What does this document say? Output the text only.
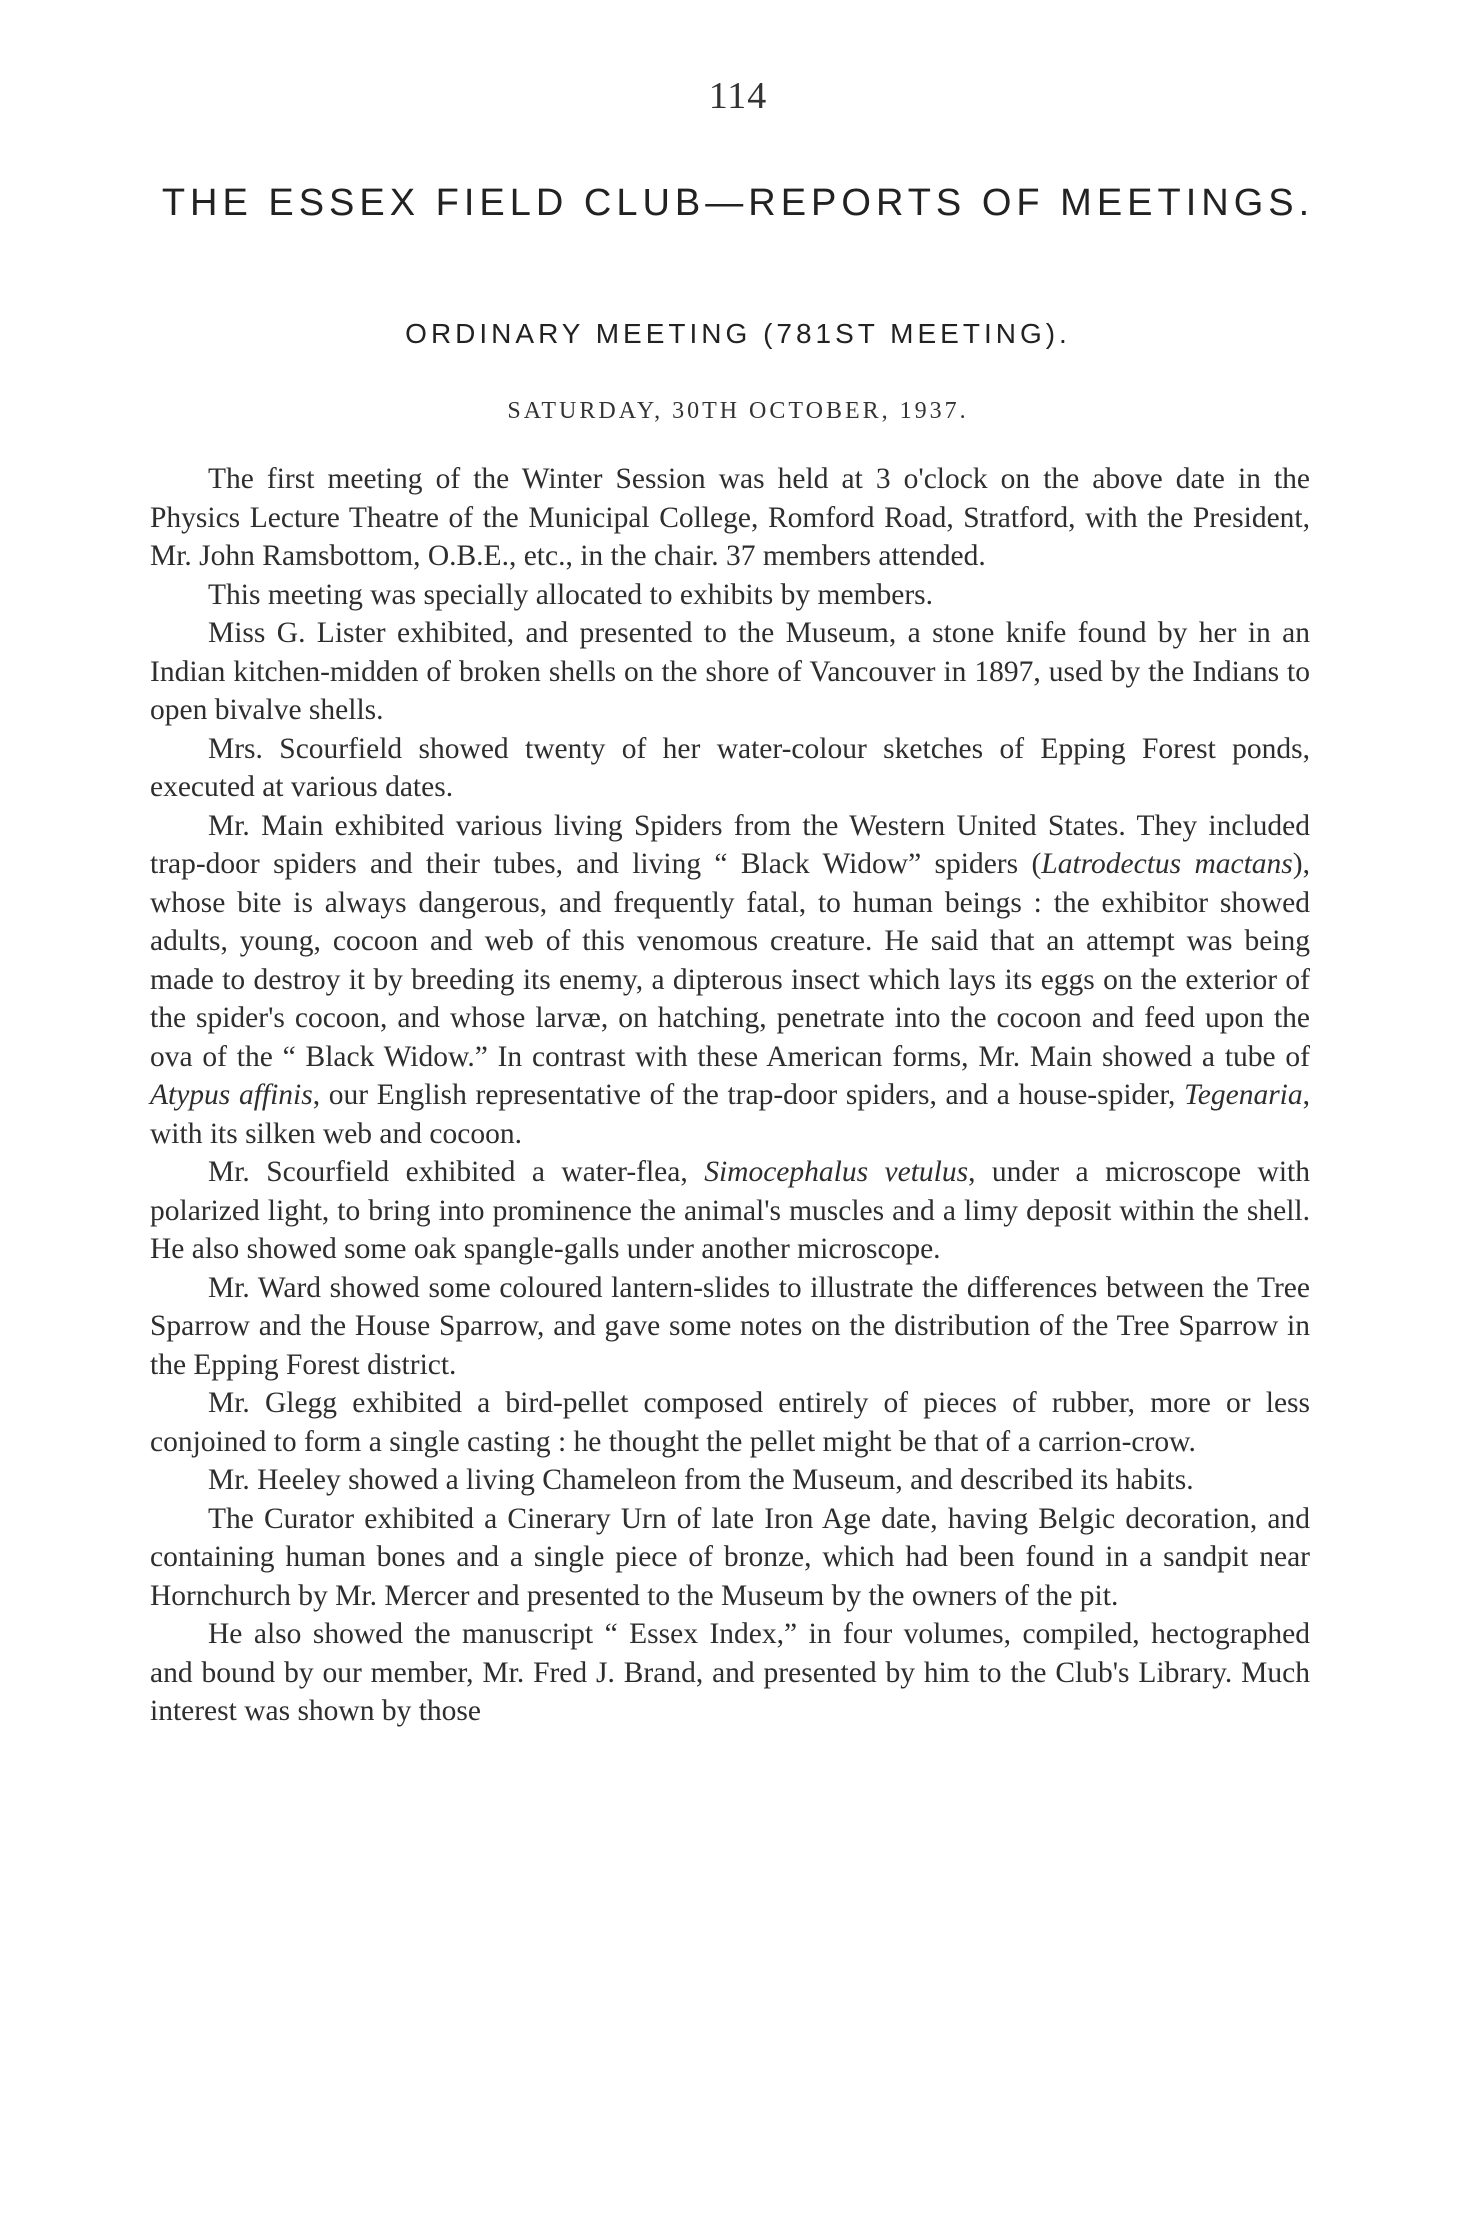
114
THE ESSEX FIELD CLUB—REPORTS OF MEETINGS.
ORDINARY MEETING (781ST MEETING).
SATURDAY, 30TH OCTOBER, 1937.

The first meeting of the Winter Session was held at 3 o'clock on the above date in the Physics Lecture Theatre of the Municipal College, Romford Road, Stratford, with the President, Mr. John Ramsbottom, O.B.E., etc., in the chair. 37 members attended.

This meeting was specially allocated to exhibits by members.

Miss G. Lister exhibited, and presented to the Museum, a stone knife found by her in an Indian kitchen-midden of broken shells on the shore of Vancouver in 1897, used by the Indians to open bivalve shells.

Mrs. Scourfield showed twenty of her water-colour sketches of Epping Forest ponds, executed at various dates.

Mr. Main exhibited various living Spiders from the Western United States. They included trap-door spiders and their tubes, and living “ Black Widow” spiders (Latrodectus mactans), whose bite is always dangerous, and frequently fatal, to human beings : the exhibitor showed adults, young, cocoon and web of this venomous creature. He said that an attempt was being made to destroy it by breeding its enemy, a dipterous insect which lays its eggs on the exterior of the spider's cocoon, and whose larvæ, on hatching, penetrate into the cocoon and feed upon the ova of the “ Black Widow.” In contrast with these American forms, Mr. Main showed a tube of Atypus affinis, our English representative of the trap-door spiders, and a house-spider, Tegenaria, with its silken web and cocoon.

Mr. Scourfield exhibited a water-flea, Simocephalus vetulus, under a microscope with polarized light, to bring into prominence the animal's muscles and a limy deposit within the shell. He also showed some oak spangle-galls under another microscope.

Mr. Ward showed some coloured lantern-slides to illustrate the differences between the Tree Sparrow and the House Sparrow, and gave some notes on the distribution of the Tree Sparrow in the Epping Forest district.

Mr. Glegg exhibited a bird-pellet composed entirely of pieces of rubber, more or less conjoined to form a single casting : he thought the pellet might be that of a carrion-crow.

Mr. Heeley showed a living Chameleon from the Museum, and described its habits.

The Curator exhibited a Cinerary Urn of late Iron Age date, having Belgic decoration, and containing human bones and a single piece of bronze, which had been found in a sandpit near Hornchurch by Mr. Mercer and presented to the Museum by the owners of the pit.

He also showed the manuscript “ Essex Index,” in four volumes, compiled, hectographed and bound by our member, Mr. Fred J. Brand, and presented by him to the Club's Library. Much interest was shown by those
